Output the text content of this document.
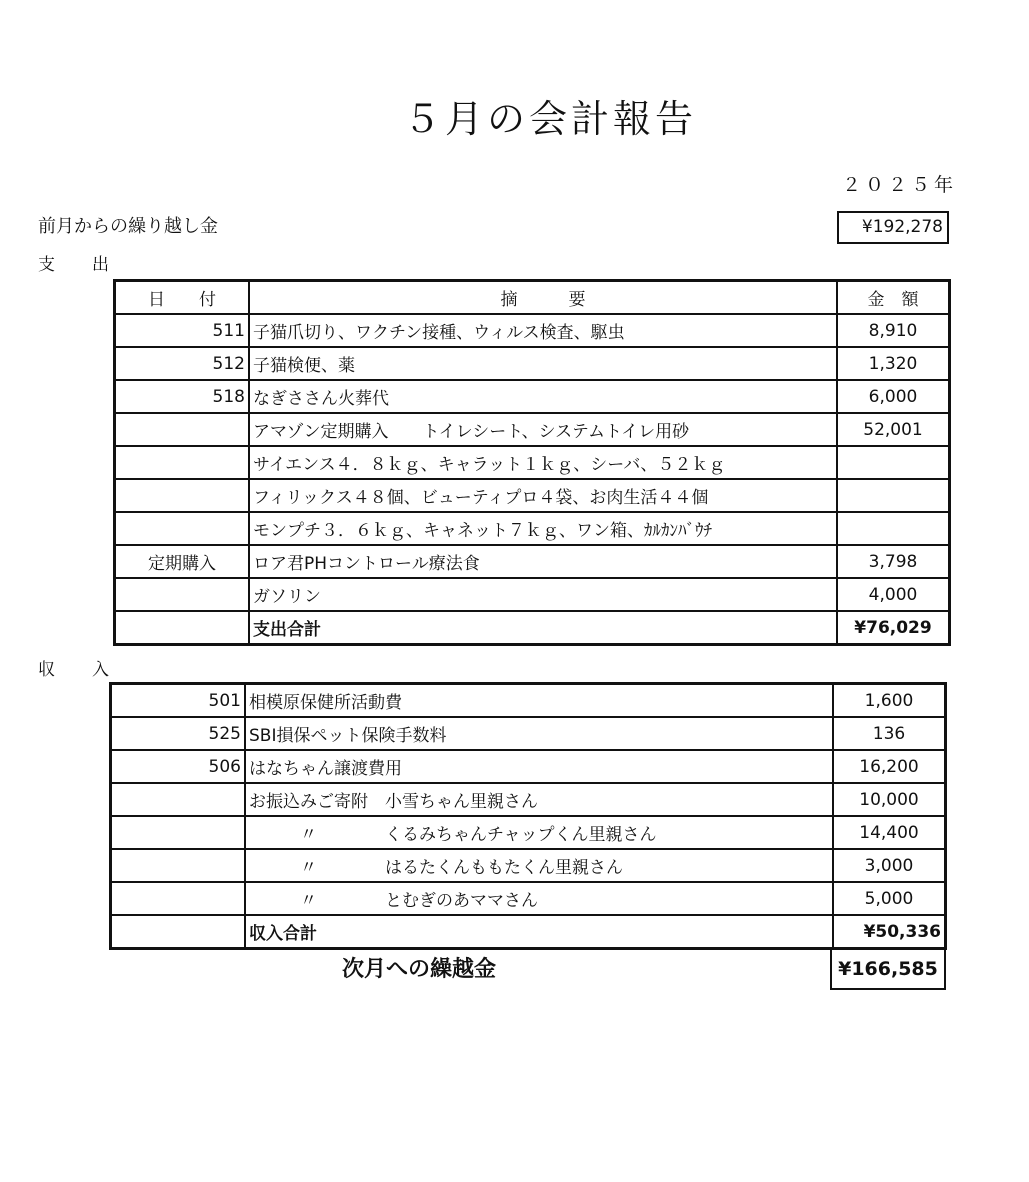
５月の会計報告
２０２５年
前月からの繰り越し金	¥192,278
支　出
日　　付	摘　　　要	金　額
511	子猫爪切り、ワクチン接種、ウィルス検査、駆虫	8,910
512	子猫検便、薬	1,320
518	なぎささん火葬代	6,000
	アマゾン定期購入　　トイレシート、システムトイレ用砂	52,001
	サイエンス４．８ｋｇ、キャラット１ｋｇ、シーバ、５２ｋｇ	
	フィリックス４８個、ビューティプロ４袋、お肉生活４４個	
	モンプチ３．６ｋｇ、キャネット７ｋｇ、ワン箱、ｶﾙｶﾝﾊﾞｳﾁ	
定期購入	ロア君PHコントロール療法食	3,798
	ガソリン	4,000
	支出合計	¥76,029
収　入
501	相模原保健所活動費	1,600
525	SBI損保ペット保険手数料	136
506	はなちゃん譲渡費用	16,200
	お振込みご寄附　小雪ちゃん里親さん	10,000
	　　　〃　　　　くるみちゃんチャップくん里親さん	14,400
	　　　〃　　　　はるたくんももたくん里親さん	3,000
	　　　〃　　　　とむぎのあママさん	5,000
	収入合計	¥50,336
次月への繰越金	¥166,585
